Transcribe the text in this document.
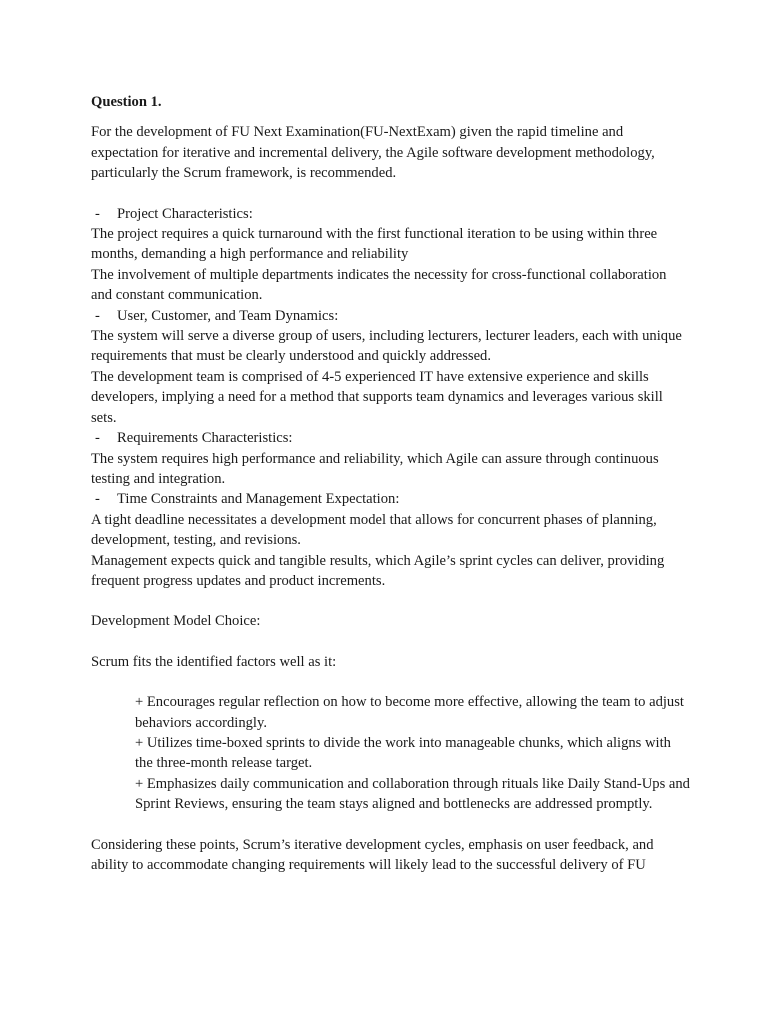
Question 1.

For the development of FU Next Examination(FU-NextExam) given the rapid timeline and expectation for iterative and incremental delivery, the Agile software development methodology, particularly the Scrum framework, is recommended.

-	Project Characteristics:

The project requires a quick turnaround with the first functional iteration to be using within three months, demanding a high performance and reliability

The involvement of multiple departments indicates the necessity for cross-functional collaboration and constant communication.

-	User, Customer, and Team Dynamics:

The system will serve a diverse group of users, including lecturers, lecturer leaders, each with unique requirements that must be clearly understood and quickly addressed.

The development team is comprised of 4-5 experienced IT have extensive experience and skills developers, implying a need for a method that supports team dynamics and leverages various skill sets.

-	Requirements Characteristics:

The system requires high performance and reliability, which Agile can assure through continuous testing and integration.

-	Time Constraints and Management Expectation:

A tight deadline necessitates a development model that allows for concurrent phases of planning, development, testing, and revisions.

Management expects quick and tangible results, which Agile’s sprint cycles can deliver, providing frequent progress updates and product increments.

Development Model Choice:

Scrum fits the identified factors well as it:

+ Encourages regular reflection on how to become more effective, allowing the team to adjust behaviors accordingly.

+ Utilizes time-boxed sprints to divide the work into manageable chunks, which aligns with the three-month release target.

+ Emphasizes daily communication and collaboration through rituals like Daily Stand-Ups and Sprint Reviews, ensuring the team stays aligned and bottlenecks are addressed promptly.

Considering these points, Scrum’s iterative development cycles, emphasis on user feedback, and ability to accommodate changing requirements will likely lead to the successful delivery of FU
